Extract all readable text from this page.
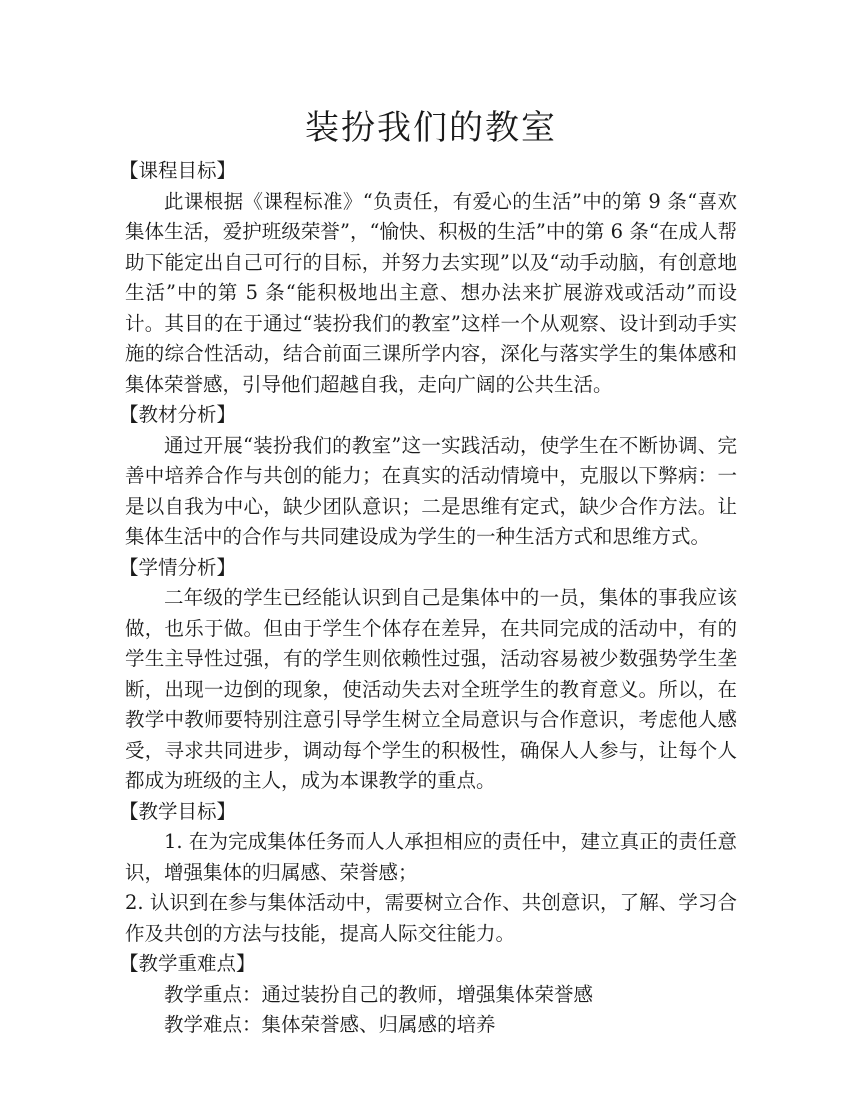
装扮我们的教室

【课程目标】

此课根据《课程标准》“负责任，有爱心的生活”中的第 9 条“喜欢集体生活，爱护班级荣誉”，“愉快、积极的生活”中的第 6 条“在成人帮助下能定出自己可行的目标，并努力去实现”以及“动手动脑，有创意地生活”中的第 5 条“能积极地出主意、想办法来扩展游戏或活动”而设计。其目的在于通过“装扮我们的教室”这样一个从观察、设计到动手实施的综合性活动，结合前面三课所学内容，深化与落实学生的集体感和集体荣誉感，引导他们超越自我，走向广阔的公共生活。

【教材分析】

通过开展“装扮我们的教室”这一实践活动，使学生在不断协调、完善中培养合作与共创的能力；在真实的活动情境中，克服以下弊病：一是以自我为中心，缺少团队意识；二是思维有定式，缺少合作方法。让集体生活中的合作与共同建设成为学生的一种生活方式和思维方式。

【学情分析】

二年级的学生已经能认识到自己是集体中的一员，集体的事我应该做，也乐于做。但由于学生个体存在差异，在共同完成的活动中，有的学生主导性过强，有的学生则依赖性过强，活动容易被少数强势学生垄断，出现一边倒的现象，使活动失去对全班学生的教育意义。所以，在教学中教师要特别注意引导学生树立全局意识与合作意识，考虑他人感受，寻求共同进步，调动每个学生的积极性，确保人人参与，让每个人都成为班级的主人，成为本课教学的重点。

【教学目标】

1. 在为完成集体任务而人人承担相应的责任中，建立真正的责任意识，增强集体的归属感、荣誉感；

2. 认识到在参与集体活动中，需要树立合作、共创意识，了解、学习合作及共创的方法与技能，提高人际交往能力。

【教学重难点】

教学重点：通过装扮自己的教师，增强集体荣誉感

教学难点：集体荣誉感、归属感的培养
